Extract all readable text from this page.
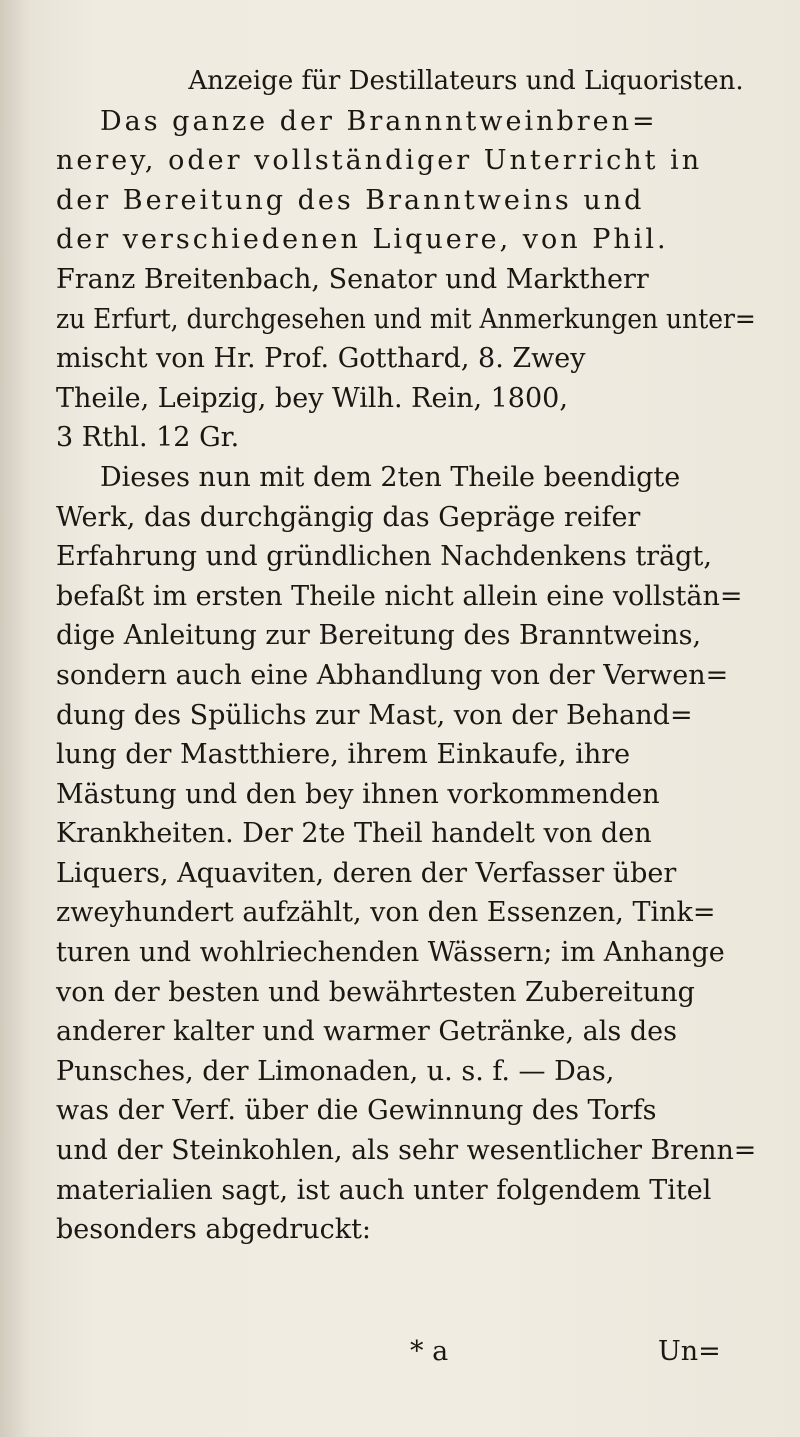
Anzeige für Destillateurs und Liquoristen.
Das ganze der Brannntweinbren=
nerey, oder vollständiger Unterricht in
der Bereitung des Branntweins und
der verschiedenen Liquere, von Phil.
Franz Breitenbach, Senator und Marktherr
zu Erfurt, durchgesehen und mit Anmerkungen unter=
mischt von Hr. Prof. Gotthard, 8. Zwey
Theile, Leipzig, bey Wilh. Rein, 1800,
3 Rthl. 12 Gr.
Dieses nun mit dem 2ten Theile beendigte
Werk, das durchgängig das Gepräge reifer
Erfahrung und gründlichen Nachdenkens trägt,
befaßt im ersten Theile nicht allein eine vollstän=
dige Anleitung zur Bereitung des Branntweins,
sondern auch eine Abhandlung von der Verwen=
dung des Spülichs zur Mast, von der Behand=
lung der Mastthiere, ihrem Einkaufe, ihre
Mästung und den bey ihnen vorkommenden
Krankheiten. Der 2te Theil handelt von den
Liquers, Aquaviten, deren der Verfasser über
zweyhundert aufzählt, von den Essenzen, Tink=
turen und wohlriechenden Wässern; im Anhange
von der besten und bewährtesten Zubereitung
anderer kalter und warmer Getränke, als des
Punsches, der Limonaden, u. s. f. — Das,
was der Verf. über die Gewinnung des Torfs
und der Steinkohlen, als sehr wesentlicher Brenn=
materialien sagt, ist auch unter folgendem Titel
besonders abgedruckt:
* a	Un=
